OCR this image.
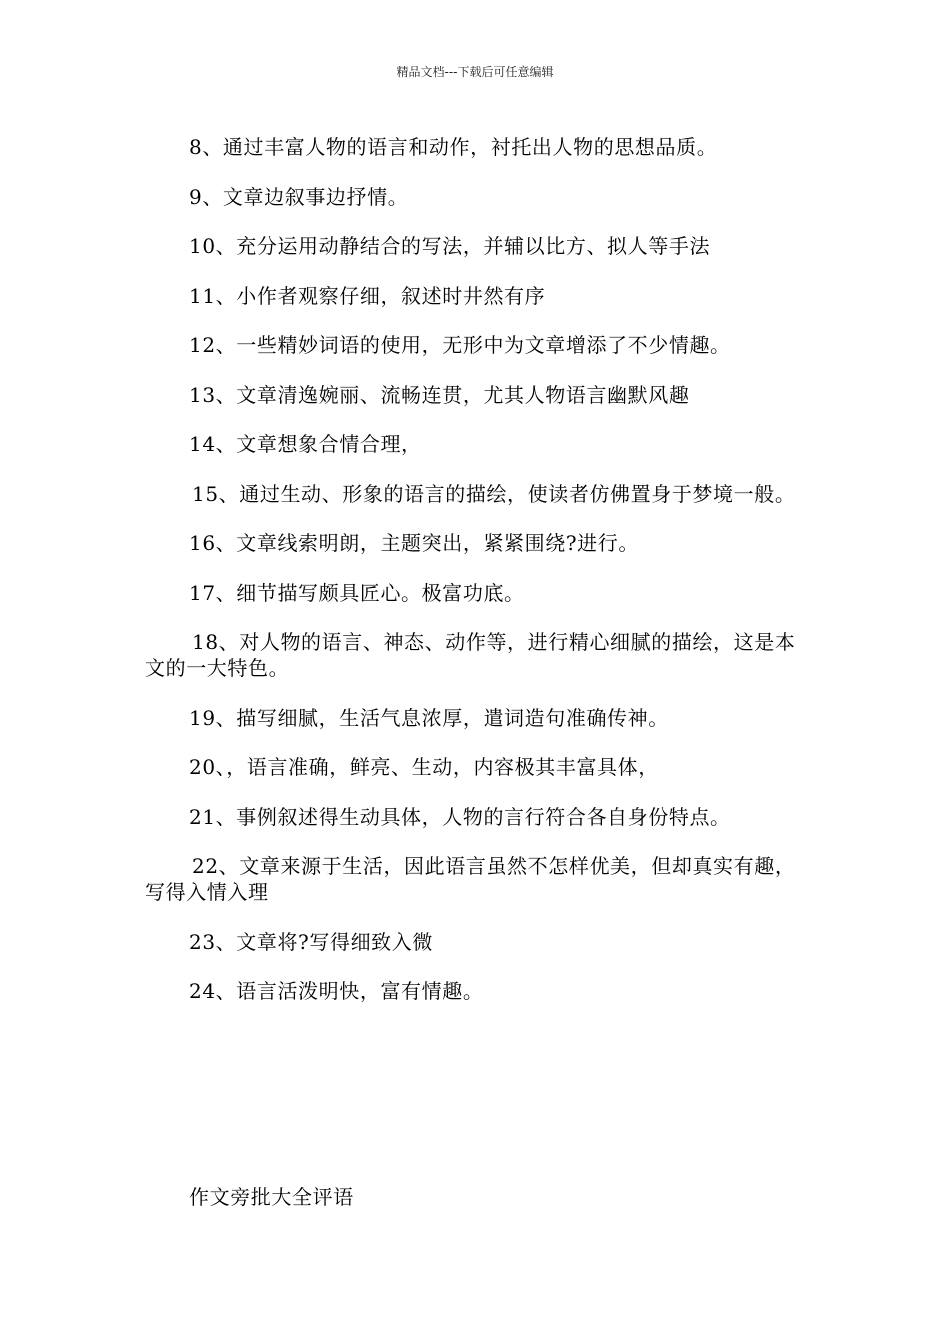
精品文档---下载后可任意编辑

8、通过丰富人物的语言和动作，衬托出人物的思想品质。

9、文章边叙事边抒情。

10、充分运用动静结合的写法，并辅以比方、拟人等手法

11、小作者观察仔细，叙述时井然有序

12、一些精妙词语的使用，无形中为文章增添了不少情趣。

13、文章清逸婉丽、流畅连贯，尤其人物语言幽默风趣

14、文章想象合情合理，

15、通过生动、形象的语言的描绘，使读者仿佛置身于梦境一般。

16、文章线索明朗，主题突出，紧紧围绕?进行。

17、细节描写颇具匠心。极富功底。

18、对人物的语言、神态、动作等，进行精心细腻的描绘，这是本文的一大特色。

19、描写细腻，生活气息浓厚，遣词造句准确传神。

20、，语言准确，鲜亮、生动，内容极其丰富具体，

21、事例叙述得生动具体，人物的言行符合各自身份特点。

22、文章来源于生活，因此语言虽然不怎样优美，但却真实有趣，写得入情入理

23、文章将?写得细致入微

24、语言活泼明快，富有情趣。

作文旁批大全评语
